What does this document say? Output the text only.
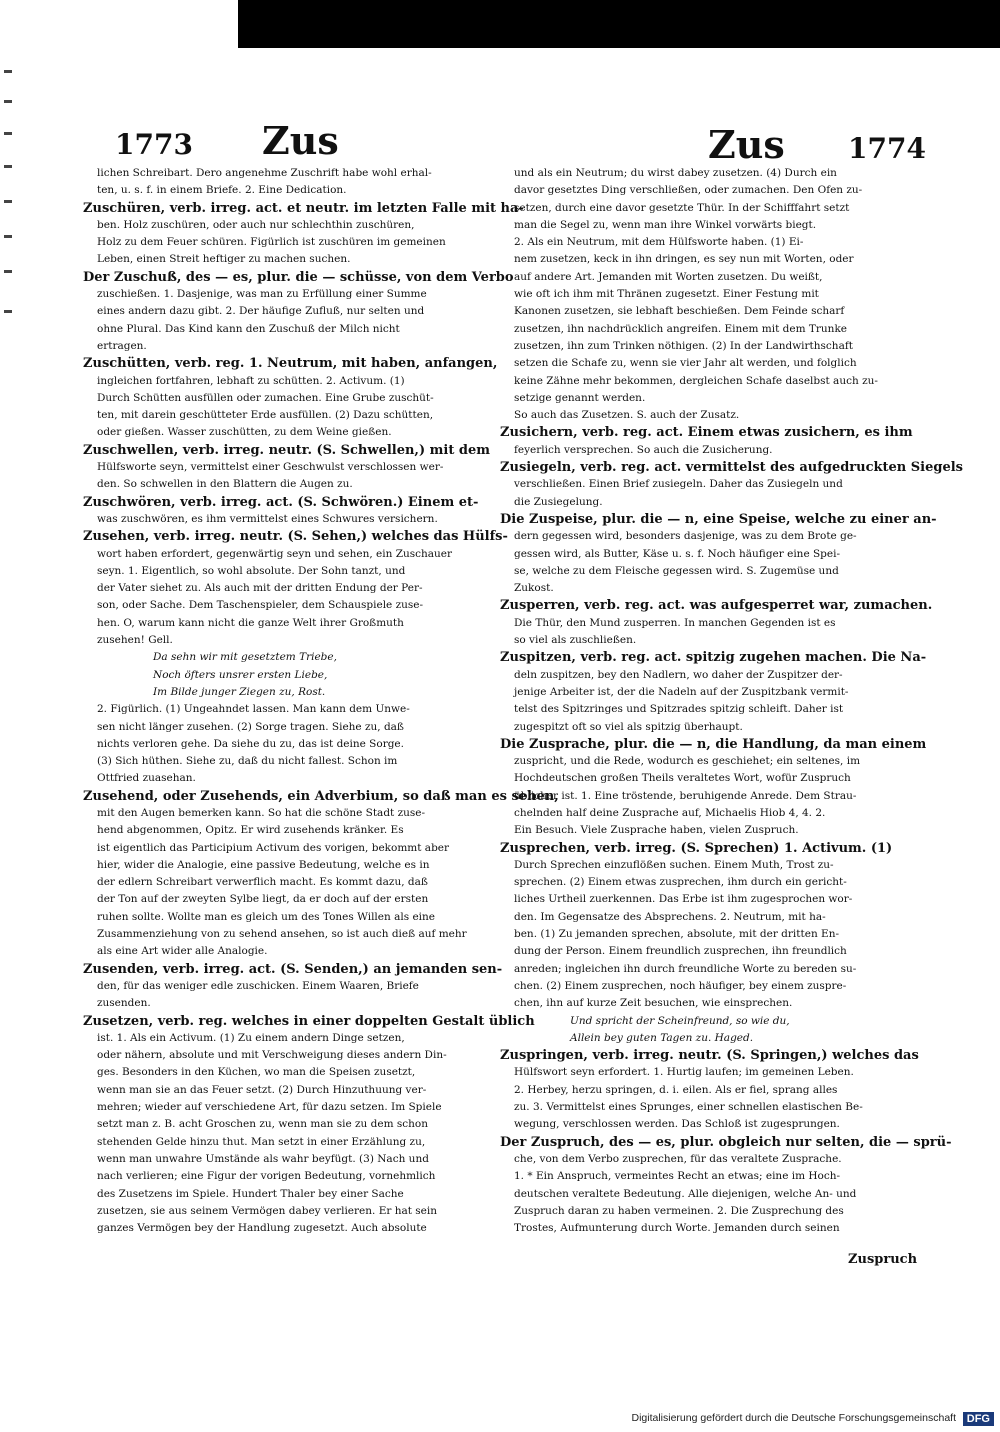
1773 Zus	Zus 1774
lichen Schreibart. Dero angenehme Zuschrift habe wohl erhal-
ten, u. s. f. in einem Briefe. 2. Eine Dedication.
Zuschüren, verb. irreg. act. et neutr. im letzten Falle mit ha-
ben. Holz zuschüren, oder auch nur schlechthin zuschüren,
Holz zu dem Feuer schüren. Figürlich ist zuschüren im gemeinen
Leben, einen Streit heftiger zu machen suchen.
Der Zuschuß, des — es, plur. die — schüsse, von dem Verbo
zuschießen. 1. Dasjenige, was man zu Erfüllung einer Summe
eines andern dazu gibt. 2. Der häufige Zufluß, nur selten und
ohne Plural. Das Kind kann den Zuschuß der Milch nicht
ertragen.
Zuschütten, verb. reg. 1. Neutrum, mit haben, anfangen,
ingleichen fortfahren, lebhaft zu schütten. 2. Activum. (1)
Durch Schütten ausfüllen oder zumachen. Eine Grube zuschüt-
ten, mit darein geschütteter Erde ausfüllen. (2) Dazu schütten,
oder gießen. Wasser zuschütten, zu dem Weine gießen.
Zuschwellen, verb. irreg. neutr. (S. Schwellen,) mit dem
Hülfsworte seyn, vermittelst einer Geschwulst verschlossen wer-
den. So schwellen in den Blattern die Augen zu.
Zuschwören, verb. irreg. act. (S. Schwören.) Einem et-
was zuschwören, es ihm vermittelst eines Schwures versichern.
Zusehen, verb. irreg. neutr. (S. Sehen,) welches das Hülfs-
wort haben erfordert, gegenwärtig seyn und sehen, ein Zuschauer
seyn. 1. Eigentlich, so wohl absolute. Der Sohn tanzt, und
der Vater siehet zu. Als auch mit der dritten Endung der Per-
son, oder Sache. Dem Taschenspieler, dem Schauspiele zuse-
hen. O, warum kann nicht die ganze Welt ihrer Großmuth
zusehen! Gell.
Da sehn wir mit gesetztem Triebe,
Noch öfters unsrer ersten Liebe,
Im Bilde junger Ziegen zu, Rost.
2. Figürlich. (1) Ungeahndet lassen. Man kann dem Unwe-
sen nicht länger zusehen. (2) Sorge tragen. Siehe zu, daß
nichts verloren gehe. Da siehe du zu, das ist deine Sorge.
(3) Sich hüthen. Siehe zu, daß du nicht fallest. Schon im
Ottfried zuasehan.
Zusehend, oder Zusehends, ein Adverbium, so daß man es sehen,
mit den Augen bemerken kann. So hat die schöne Stadt zuse-
hend abgenommen, Opitz. Er wird zusehends kränker. Es
ist eigentlich das Participium Activum des vorigen, bekommt aber
hier, wider die Analogie, eine passive Bedeutung, welche es in
der edlern Schreibart verwerflich macht. Es kommt dazu, daß
der Ton auf der zweyten Sylbe liegt, da er doch auf der ersten
ruhen sollte. Wollte man es gleich um des Tones Willen als eine
Zusammenziehung von zu sehend ansehen, so ist auch dieß auf mehr
als eine Art wider alle Analogie.
Zusenden, verb. irreg. act. (S. Senden,) an jemanden sen-
den, für das weniger edle zuschicken. Einem Waaren, Briefe
zusenden.
Zusetzen, verb. reg. welches in einer doppelten Gestalt üblich
ist. 1. Als ein Activum. (1) Zu einem andern Dinge setzen,
oder nähern, absolute und mit Verschweigung dieses andern Din-
ges. Besonders in den Küchen, wo man die Speisen zusetzt,
wenn man sie an das Feuer setzt. (2) Durch Hinzuthuung ver-
mehren; wieder auf verschiedene Art, für dazu setzen. Im Spiele
setzt man z. B. acht Groschen zu, wenn man sie zu dem schon
stehenden Gelde hinzu thut. Man setzt in einer Erzählung zu,
wenn man unwahre Umstände als wahr beyfügt. (3) Nach und
nach verlieren; eine Figur der vorigen Bedeutung, vornehmlich
des Zusetzens im Spiele. Hundert Thaler bey einer Sache
zusetzen, sie aus seinem Vermögen dabey verlieren. Er hat sein
ganzes Vermögen bey der Handlung zugesetzt. Auch absolute
und als ein Neutrum; du wirst dabey zusetzen. (4) Durch ein
davor gesetztes Ding verschließen, oder zumachen. Den Ofen zu-
setzen, durch eine davor gesetzte Thür. In der Schifffahrt setzt
man die Segel zu, wenn man ihre Winkel vorwärts biegt.
2. Als ein Neutrum, mit dem Hülfsworte haben. (1) Ei-
nem zusetzen, keck in ihn dringen, es sey nun mit Worten, oder
auf andere Art. Jemanden mit Worten zusetzen. Du weißt,
wie oft ich ihm mit Thränen zugesetzt. Einer Festung mit
Kanonen zusetzen, sie lebhaft beschießen. Dem Feinde scharf
zusetzen, ihn nachdrücklich angreifen. Einem mit dem Trunke
zusetzen, ihn zum Trinken nöthigen. (2) In der Landwirthschaft
setzen die Schafe zu, wenn sie vier Jahr alt werden, und folglich
keine Zähne mehr bekommen, dergleichen Schafe daselbst auch zu-
setzige genannt werden.
So auch das Zusetzen. S. auch der Zusatz.
Zusichern, verb. reg. act. Einem etwas zusichern, es ihm
feyerlich versprechen. So auch die Zusicherung.
Zusiegeln, verb. reg. act. vermittelst des aufgedruckten Siegels
verschließen. Einen Brief zusiegeln. Daher das Zusiegeln und
die Zusiegelung.
Die Zuspeise, plur. die — n, eine Speise, welche zu einer an-
dern gegessen wird, besonders dasjenige, was zu dem Brote ge-
gessen wird, als Butter, Käse u. s. f. Noch häufiger eine Spei-
se, welche zu dem Fleische gegessen wird. S. Zugemüse und
Zukost.
Zusperren, verb. reg. act. was aufgesperret war, zumachen.
Die Thür, den Mund zusperren. In manchen Gegenden ist es
so viel als zuschließen.
Zuspitzen, verb. reg. act. spitzig zugehen machen. Die Na-
deln zuspitzen, bey den Nadlern, wo daher der Zuspitzer der-
jenige Arbeiter ist, der die Nadeln auf der Zuspitzbank vermit-
telst des Spitzringes und Spitzrades spitzig schleift. Daher ist
zugespitzt oft so viel als spitzig überhaupt.
Die Zusprache, plur. die — n, die Handlung, da man einem
zuspricht, und die Rede, wodurch es geschiehet; ein seltenes, im
Hochdeutschen großen Theils veraltetes Wort, wofür Zuspruch
üblicher ist. 1. Eine tröstende, beruhigende Anrede. Dem Strau-
chelnden half deine Zusprache auf, Michaelis Hiob 4, 4. 2.
Ein Besuch. Viele Zusprache haben, vielen Zuspruch.
Zusprechen, verb. irreg. (S. Sprechen) 1. Activum. (1)
Durch Sprechen einzuflößen suchen. Einem Muth, Trost zu-
sprechen. (2) Einem etwas zusprechen, ihm durch ein gericht-
liches Urtheil zuerkennen. Das Erbe ist ihm zugesprochen wor-
den. Im Gegensatze des Absprechens. 2. Neutrum, mit ha-
ben. (1) Zu jemanden sprechen, absolute, mit der dritten En-
dung der Person. Einem freundlich zusprechen, ihn freundlich
anreden; ingleichen ihn durch freundliche Worte zu bereden su-
chen. (2) Einem zusprechen, noch häufiger, bey einem zuspre-
chen, ihn auf kurze Zeit besuchen, wie einsprechen.
Und spricht der Scheinfreund, so wie du,
Allein bey guten Tagen zu. Haged.
Zuspringen, verb. irreg. neutr. (S. Springen,) welches das
Hülfswort seyn erfordert. 1. Hurtig laufen; im gemeinen Leben.
2. Herbey, herzu springen, d. i. eilen. Als er fiel, sprang alles
zu. 3. Vermittelst eines Sprunges, einer schnellen elastischen Be-
wegung, verschlossen werden. Das Schloß ist zugesprungen.
Der Zuspruch, des — es, plur. obgleich nur selten, die — sprü-
che, von dem Verbo zusprechen, für das veraltete Zusprache.
1. * Ein Anspruch, vermeintes Recht an etwas; eine im Hoch-
deutschen veraltete Bedeutung. Alle diejenigen, welche An- und
Zuspruch daran zu haben vermeinen. 2. Die Zusprechung des
Trostes, Aufmunterung durch Worte. Jemanden durch seinen
Zuspruch
Digitalisierung gefördert durch die Deutsche Forschungsgemeinschaft DFG
